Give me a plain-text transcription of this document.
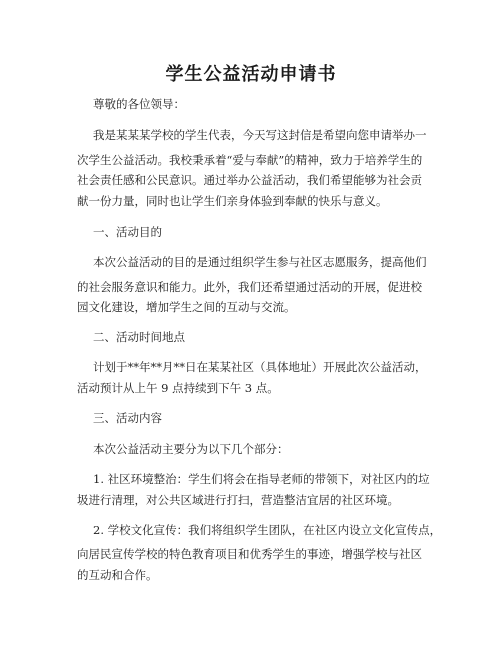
学生公益活动申请书
尊敬的各位领导：
我是某某某学校的学生代表，今天写这封信是希望向您申请举办一
次学生公益活动。我校秉承着“爱与奉献”的精神，致力于培养学生的
社会责任感和公民意识。通过举办公益活动，我们希望能够为社会贡
献一份力量，同时也让学生们亲身体验到奉献的快乐与意义。
一、活动目的
本次公益活动的目的是通过组织学生参与社区志愿服务，提高他们
的社会服务意识和能力。此外，我们还希望通过活动的开展，促进校
园文化建设，增加学生之间的互动与交流。
二、活动时间地点
计划于**年**月**日在某某社区（具体地址）开展此次公益活动，
活动预计从上午 9 点持续到下午 3 点。
三、活动内容
本次公益活动主要分为以下几个部分：
1. 社区环境整治：学生们将会在指导老师的带领下，对社区内的垃
圾进行清理，对公共区域进行打扫，营造整洁宜居的社区环境。
2. 学校文化宣传：我们将组织学生团队，在社区内设立文化宣传点，
向居民宣传学校的特色教育项目和优秀学生的事迹，增强学校与社区
的互动和合作。
